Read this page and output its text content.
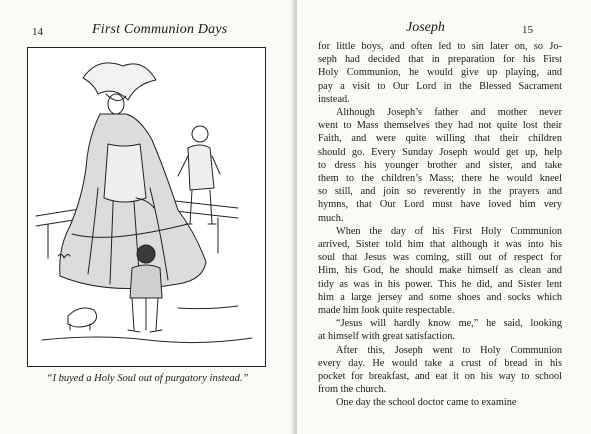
14	First Communion Days
“I buyed a Holy Soul out of purgatory instead.”
Joseph	15

for little boys, and often led to sin later on, so Jo-
seph had decided that in preparation for his First
Holy Communion, he would give up playing, and
pay a visit to Our Lord in the Blessed Sacrament
instead.

Although Joseph’s father and mother never
went to Mass themselves they had not quite lost their
Faith, and were quite willing that their children
should go. Every Sunday Joseph would get up, help
to dress his younger brother and sister, and take
them to the children’s Mass; there he would kneel
so still, and join so reverently in the prayers and
hymns, that Our Lord must have loved him very
much.

When the day of his First Holy Communion
arrived, Sister told him that although it was into his
soul that Jesus was coming, still out of respect for
Him, his God, he should make himself as clean and
tidy as was in his power. This he did, and Sister lent
him a large jersey and some shoes and socks which
made him look quite respectable.

“Jesus will hardly know me,” he said, looking
at himself with great satisfaction.

After this, Joseph went to Holy Communion
every day. He would take a crust of bread in his
pocket for breakfast, and eat it on his way to school
from the church.

One day the school doctor came to examine
